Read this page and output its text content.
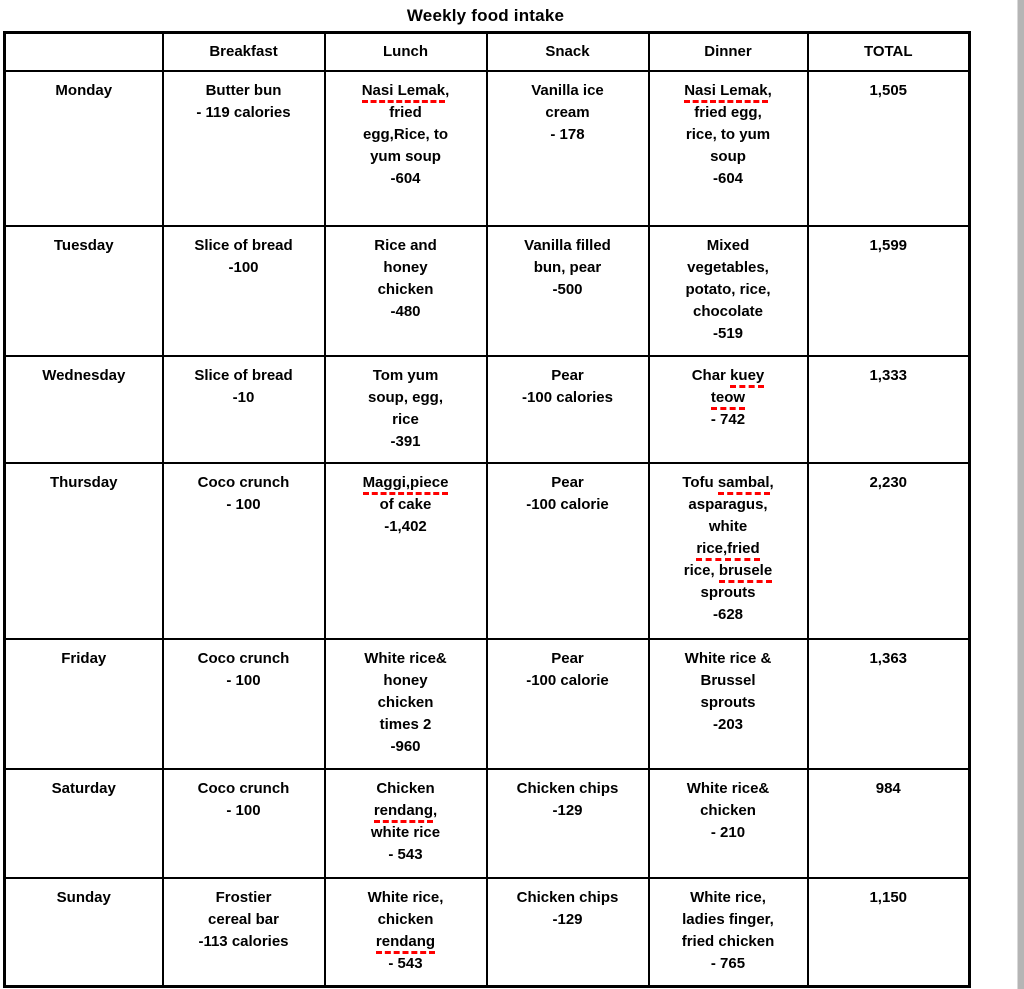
Weekly food intake
	Breakfast	Lunch	Snack	Dinner	TOTAL
Monday	Butter bun
- 119 calories	Nasi Lemak,
fried
egg,Rice, to
yum soup
-604	Vanilla ice
cream
- 178	Nasi Lemak,
fried egg,
rice, to yum
soup
-604	1,505
Tuesday	Slice of bread
-100	Rice and
honey
chicken
-480	Vanilla filled
bun, pear
-500	Mixed
vegetables,
potato, rice,
chocolate
-519	1,599
Wednesday	Slice of bread
-10	Tom yum
soup, egg,
rice
-391	Pear
-100 calories	Char kuey
teow
- 742	1,333
Thursday	Coco crunch
- 100	Maggi,piece
of cake
-1,402	Pear
-100 calorie	Tofu sambal,
asparagus,
white
rice,fried
rice, brusele
sprouts
-628	2,230
Friday	Coco crunch
- 100	White rice&
honey
chicken
times 2
-960	Pear
-100 calorie	White rice &
Brussel
sprouts
-203	1,363
Saturday	Coco crunch
- 100	Chicken
rendang,
white rice
- 543	Chicken chips
-129	White rice&
chicken
- 210	984
Sunday	Frostier
cereal bar
-113 calories	White rice,
chicken
rendang
- 543	Chicken chips
-129	White rice,
ladies finger,
fried chicken
- 765	1,150
